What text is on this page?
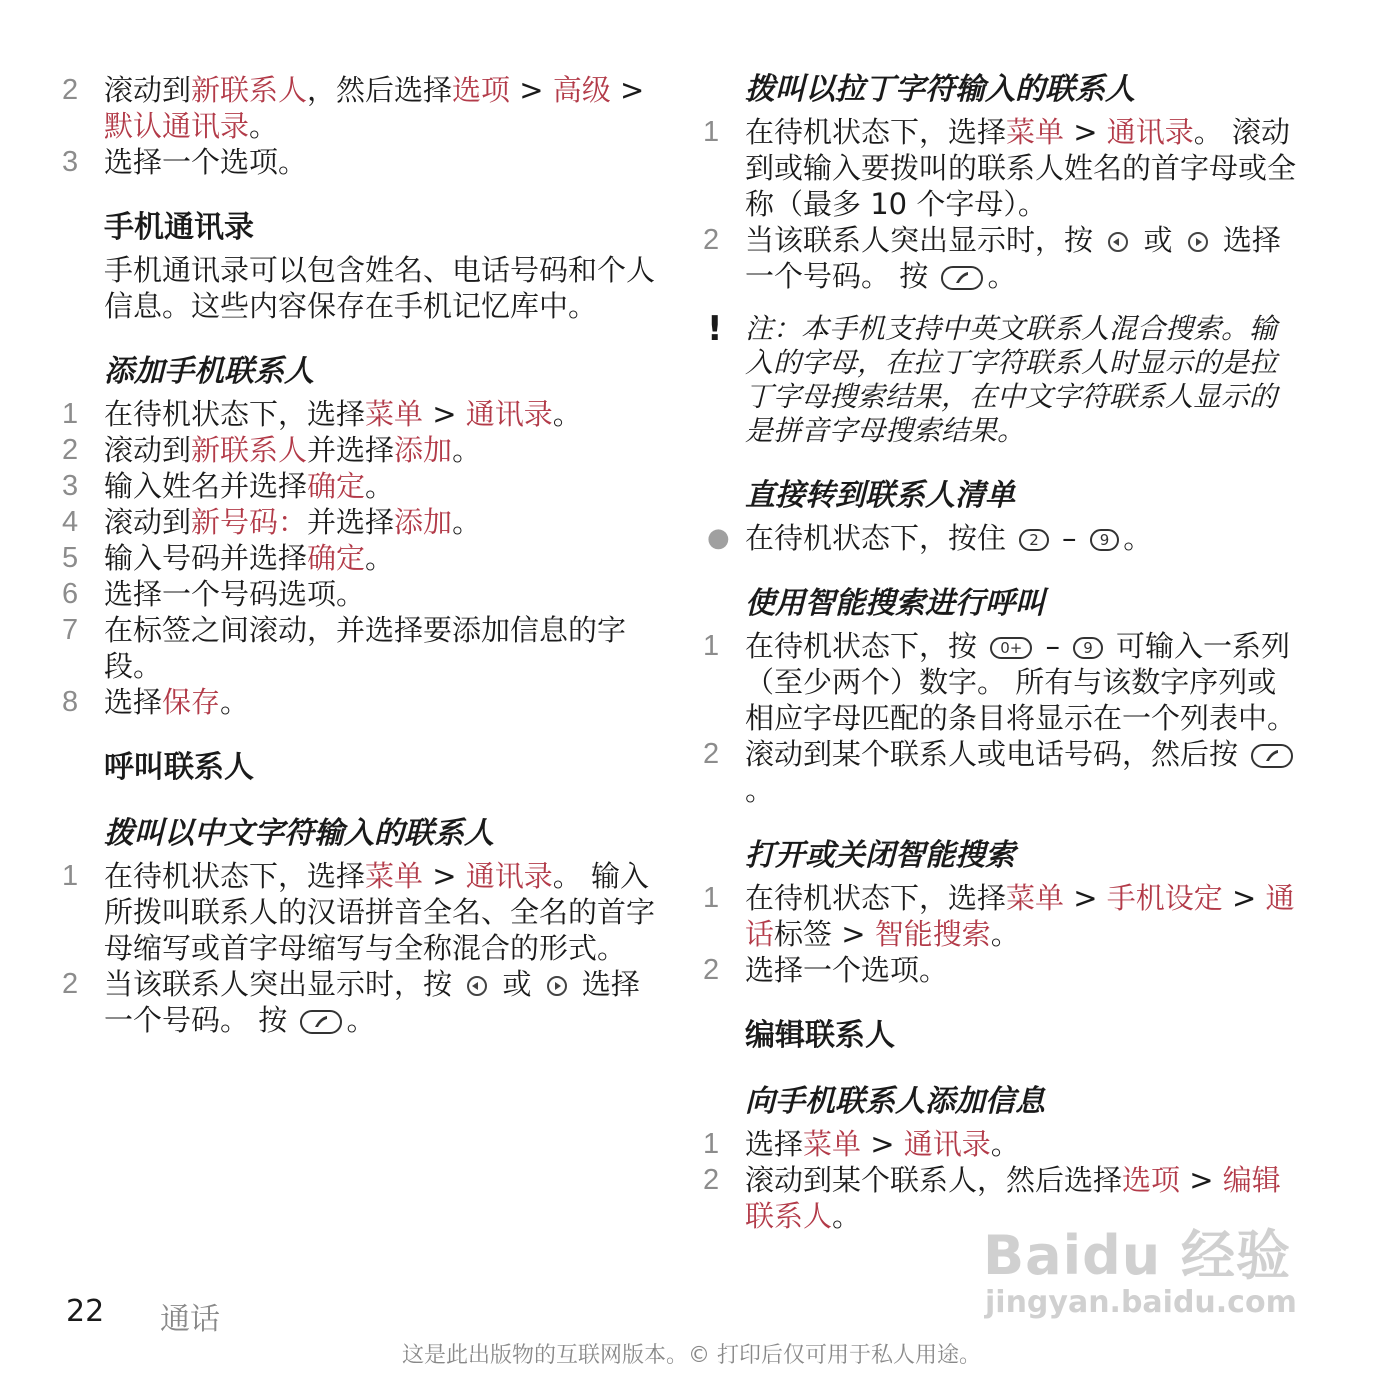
2 滚动到新联系人，然后选择选项 > 高级 > 默认通讯录。
3 选择一个选项。
手机通讯录
手机通讯录可以包含姓名、电话号码和个人信息。这些内容保存在手机记忆库中。
添加手机联系人
1 在待机状态下，选择菜单 > 通讯录。
2 滚动到新联系人并选择添加。
3 输入姓名并选择确定。
4 滚动到新号码：并选择添加。
5 输入号码并选择确定。
6 选择一个号码选项。
7 在标签之间滚动，并选择要添加信息的字段。
8 选择保存。
呼叫联系人
拨叫以中文字符输入的联系人
1 在待机状态下，选择菜单 > 通讯录。 输入所拨叫联系人的汉语拼音全名、全名的首字母缩写或首字母缩写与全称混合的形式。
2 当该联系人突出显示时，按  或  选择一个号码。 按
。
拨叫以拉丁字符输入的联系人
1 在待机状态下，选择菜单 > 通讯录。 滚动到或输入要拨叫的联系人姓名的首字母或全称（最多 10 个字母）。
2 当该联系人突出显示时，按  或  选择一个号码。 按
。
! 注：本手机支持中英文联系人混合搜索。输入的字母，在拉丁字符联系人时显示的是拉丁字母搜索结果，在中文字符联系人显示的是拼音字母搜索结果。
直接转到联系人清单
● 在待机状态下，按住 2 – 9 。
使用智能搜索进行呼叫
1 在待机状态下，按 0+ – 9 可输入一系列（至少两个）数字。 所有与该数字序列或相应字母匹配的条目将显示在一个列表中。
2 滚动到某个联系人或电话号码，然后按
。
打开或关闭智能搜索
1 在待机状态下，选择菜单 > 手机设定 > 通话标签 > 智能搜索。
2 选择一个选项。
编辑联系人
向手机联系人添加信息
1 选择菜单 > 通讯录。
2 滚动到某个联系人，然后选择选项 > 编辑联系人。
22 通话
这是此出版物的互联网版本。© 打印后仅可用于私人用途。
Baidu 经验
jingyan.baidu.com
